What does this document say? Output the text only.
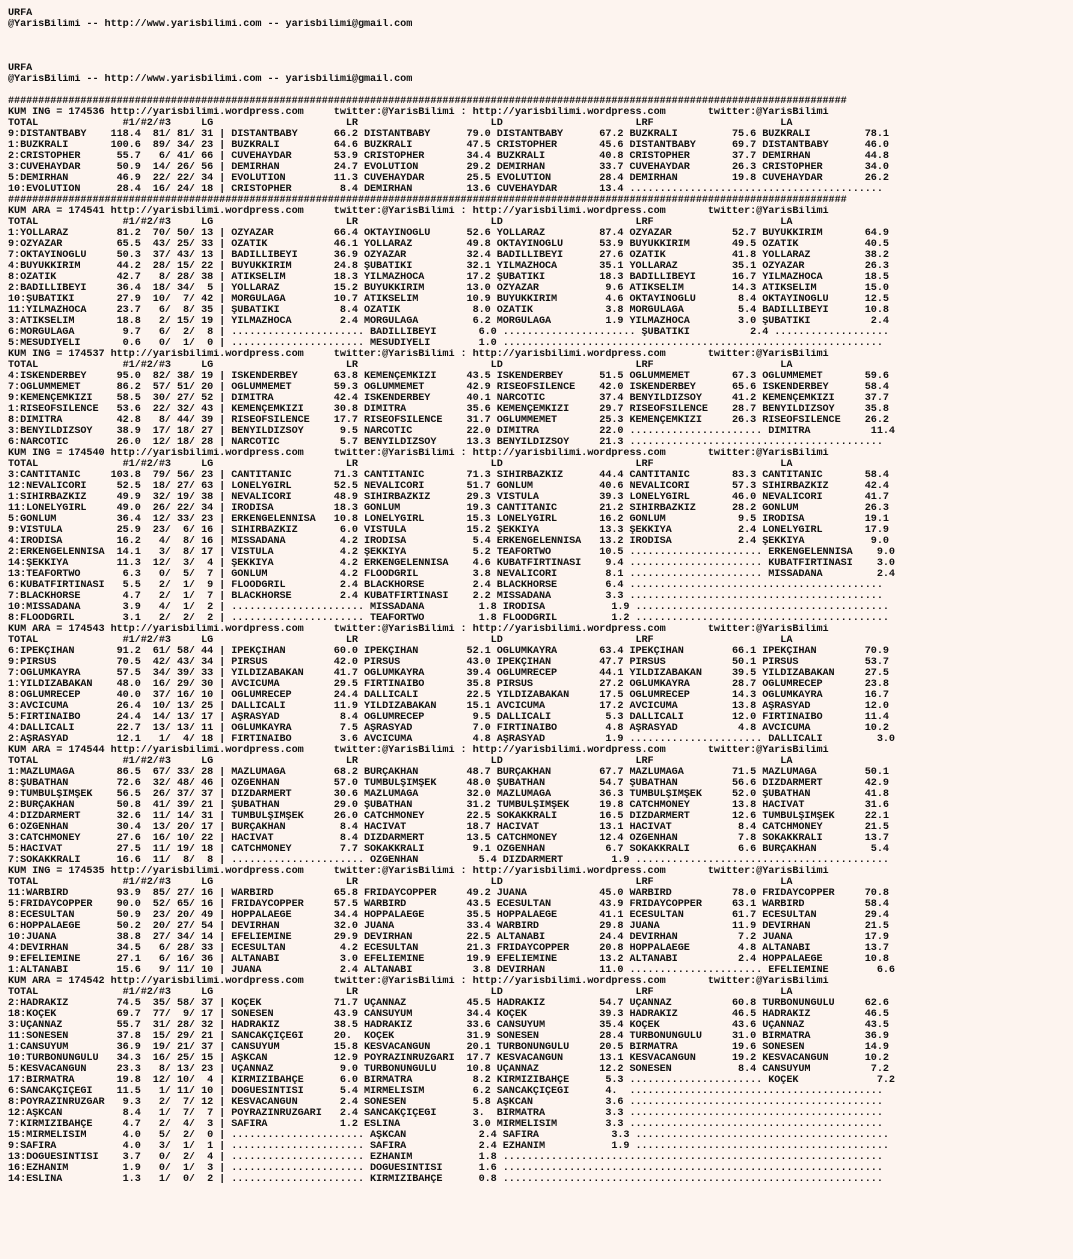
URFA
@YarisBilimi -- http://www.yarisbilimi.com -- yarisbilimi@gmail.com

URFA
@YarisBilimi -- http://www.yarisbilimi.com -- yarisbilimi@gmail.com

###########################################################################################################################################
KUM ING = 174536 http://yarisbilimi.wordpress.com     twitter:@YarisBilimi : http://yarisbilimi.wordpress.com       twitter:@YarisBilimi
TOTAL              #1/#2/#3     LG                      LR                      LD                      LRF                     LA
9:DISTANTBABY    118.4  81/ 81/ 31 | DISTANTBABY      66.2 DISTANTBABY      79.0 DISTANTBABY      67.2 BUZKRALI         75.6 BUZKRALI         78.1
1:BUZKRALI       100.6  89/ 34/ 23 | BUZKRALI         64.6 BUZKRALI         47.5 CRISTOPHER       45.6 DISTANTBABY      69.7 DISTANTBABY      46.0
2:CRISTOPHER      55.7   6/ 41/ 66 | CUVEHAYDAR       53.9 CRISTOPHER       34.4 BUZKRALI         40.8 CRISTOPHER       37.7 DEMIRHAN         44.8
3:CUVEHAYDAR      50.9  14/ 26/ 56 | DEMIRHAN         24.7 EVOLUTION        29.2 DEMIRHAN         33.7 CUVEHAYDAR       26.3 CRISTOPHER       34.0
5:DEMIRHAN        46.9  22/ 22/ 34 | EVOLUTION        11.3 CUVEHAYDAR       25.5 EVOLUTION        28.4 DEMIRHAN         19.8 CUVEHAYDAR       26.2
10:EVOLUTION      28.4  16/ 24/ 18 | CRISTOPHER        8.4 DEMIRHAN         13.6 CUVEHAYDAR       13.4 ..........................................
###########################################################################################################################################
KUM ARA = 174541 http://yarisbilimi.wordpress.com     twitter:@YarisBilimi : http://yarisbilimi.wordpress.com       twitter:@YarisBilimi
TOTAL              #1/#2/#3     LG                      LR                      LD                      LRF                     LA
1:YOLLARAZ        81.2  70/ 50/ 13 | ÖZYAZAR          66.4 OKTAYINOĞLU      52.6 YOLLARAZ         87.4 ÖZYAZAR          52.7 BÜYÜKKIRIM       64.9
9:ÖZYAZAR         65.5  43/ 25/ 33 | ÖZATİK           46.1 YOLLARAZ         49.8 OKTAYINOĞLU      53.9 BÜYÜKKIRIM       49.5 ÖZATİK           40.5
7:OKTAYINOĞLU     50.3  37/ 43/ 13 | BADİLLİBEYİ      36.9 ÖZYAZAR          32.4 BADİLLİBEYİ      27.6 ÖZATİK           41.8 YOLLARAZ         38.2
4:BÜYÜKKIRIM      44.2  28/ 15/ 22 | BÜYÜKKIRIM       24.8 ŞUBATİKİ         32.1 YILMAZHOCA       35.1 YOLLARAZ         35.1 ÖZYAZAR          26.3
8:ÖZATİK          42.7   8/ 28/ 38 | ATİKSELİM        18.3 YILMAZHOCA       17.2 ŞUBATİKİ         18.3 BADİLLİBEYİ      16.7 YILMAZHOCA       18.5
2:BADİLLİBEYİ     36.4  18/ 34/  5 | YOLLARAZ         15.2 BÜYÜKKIRIM       13.0 ÖZYAZAR           9.6 ATİKSELİM        14.3 ATİKSELİM        15.0
10:ŞUBATİKİ       27.9  10/  7/ 42 | MORGULAĞA        10.7 ATİKSELİM        10.9 BÜYÜKKIRIM        4.6 OKTAYINOĞLU       8.4 OKTAYINOĞLU      12.5
11:YILMAZHOCA     23.7   6/  8/ 35 | ŞUBATİKİ          8.4 ÖZATİK            8.0 ÖZATİK            3.8 MORGULAĞA         5.4 BADİLLİBEYİ      10.8
3:ATİKSELİM       18.8   2/ 15/ 19 | YILMAZHOCA        2.4 MORGULAĞA         6.2 MORGULAĞA         1.9 YILMAZHOCA        3.0 ŞUBATİKİ          2.4
6:MORGULAĞA        9.7   6/  2/  8 | ...................... BADİLLİBEYİ       6.0 ...................... ŞUBATİKİ          2.4 ...................
5:MESUDİYELİ       0.6   0/  1/  0 | ...................... MESUDİYELİ        1.0 ...............................................................
KUM ING = 174537 http://yarisbilimi.wordpress.com     twitter:@YarisBilimi : http://yarisbilimi.wordpress.com       twitter:@YarisBilimi
TOTAL              #1/#2/#3     LG                      LR                      LD                      LRF                     LA
4:İSKENDERBEY     95.0  82/ 38/ 19 | İSKENDERBEY      63.8 KEMENÇEMKIZI     43.5 İSKENDERBEY      51.5 OĞLUMMEMET       67.3 OĞLUMMEMET       59.6
7:OĞLUMMEMET      86.2  57/ 51/ 20 | OĞLUMMEMET       59.3 OĞLUMMEMET       42.9 RİSEOFSİLENCE    42.0 İSKENDERBEY      65.6 İSKENDERBEY      58.4
9:KEMENÇEMKIZI    58.5  30/ 27/ 52 | DİMİTRA          42.4 İSKENDERBEY      40.1 NARCOTİC         37.4 BENYILDIZSOY     41.2 KEMENÇEMKIZI     37.7
1:RİSEOFSİLENCE   53.6  22/ 32/ 43 | KEMENÇEMKIZI     30.8 DİMİTRA          35.6 KEMENÇEMKIZI     29.7 RİSEOFSİLENCE    28.7 BENYILDIZSOY     35.8
8:DİMİTRA         42.8   8/ 44/ 39 | RİSEOFSİLENCE    17.7 RİSEOFSİLENCE    31.7 OĞLUMMEMET       25.3 KEMENÇEMKIZI     26.3 RİSEOFSİLENCE    26.2
3:BENYILDIZSOY    38.9  17/ 18/ 27 | BENYILDIZSOY      9.5 NARCOTİC         22.0 DİMİTRA          22.0 ...................... DİMİTRA          11.4
6:NARCOTİC        26.0  12/ 18/ 28 | NARCOTİC          5.7 BENYILDIZSOY     13.3 BENYILDIZSOY     21.3 ..........................................
KUM ING = 174540 http://yarisbilimi.wordpress.com     twitter:@YarisBilimi : http://yarisbilimi.wordpress.com       twitter:@YarisBilimi
TOTAL              #1/#2/#3     LG                      LR                      LD                      LRF                     LA
3:CANTİTANİC     103.8  79/ 56/ 23 | CANTİTANİC       71.3 CANTİTANİC       71.3 SİHİRBAZKIZ      44.4 CANTİTANİC       83.3 CANTİTANİC       58.4
12:NEVALİCORİ     52.5  18/ 27/ 63 | LONELYGIRL       52.5 NEVALİCORİ       51.7 GÖNLÜM           40.6 NEVALİCORİ       57.3 SİHİRBAZKIZ      42.4
1:SİHİRBAZKIZ     49.9  32/ 19/ 38 | NEVALİCORİ       48.9 SİHİRBAZKIZ      29.3 VİSTULA          39.3 LONELYGIRL       46.0 NEVALİCORİ       41.7
11:LONELYGIRL     49.0  26/ 22/ 34 | İRODİSA          18.3 GÖNLÜM           19.3 CANTİTANİC       21.2 SİHİRBAZKIZ      28.2 GÖNLÜM           26.3
5:GÖNLÜM          36.4  12/ 33/ 23 | ERKENGELENNİSA   10.8 LONELYGIRL       15.3 LONELYGIRL       16.2 GÖNLÜM            9.5 İRODİSA          19.1
9:VİSTULA         25.9  23/  6/ 16 | SİHİRBAZKIZ       6.0 VİSTULA          15.2 ŞEKKİYA          13.3 ŞEKKİYA           2.4 LONELYGIRL       17.9
4:İRODİSA         16.2   4/  8/ 16 | MİSSADANA         4.2 İRODİSA           5.4 ERKENGELENNİSA   13.2 İRODİSA           2.4 ŞEKKİYA           9.0
2:ERKENGELENNİSA  14.1   3/  8/ 17 | VİSTULA           4.2 ŞEKKİYA           5.2 TEAFORTWO        10.5 ...................... ERKENGELENNİSA    9.0
14:ŞEKKİYA        11.3  12/  3/  4 | ŞEKKİYA           4.2 ERKENGELENNİSA    4.6 KUBATFIRTINASI    9.4 ...................... KUBATFIRTINASI    3.0
13:TEAFORTWO       6.3   0/  5/  7 | GÖNLÜM            4.2 FLOODGRIL         3.8 NEVALİCORİ        8.1 ...................... MİSSADANA         2.4
6:KUBATFIRTINASI   5.5   2/  1/  9 | FLOODGRIL         2.4 BLACKHORSE        2.4 BLACKHORSE        6.4 ..........................................
7:BLACKHORSE       4.7   2/  1/  7 | BLACKHORSE        2.4 KUBATFIRTINASI    2.2 MİSSADANA         3.3 ..........................................
10:MİSSADANA       3.9   4/  1/  2 | ...................... MİSSADANA         1.8 İRODİSA           1.9 ..........................................
8:FLOODGRIL        3.1   2/  2/  2 | ...................... TEAFORTWO         1.8 FLOODGRIL         1.2 ..........................................
KUM ARA = 174543 http://yarisbilimi.wordpress.com     twitter:@YarisBilimi : http://yarisbilimi.wordpress.com       twitter:@YarisBilimi
TOTAL              #1/#2/#3     LG                      LR                      LD                      LRF                     LA
6:İPEKÇİHAN       91.2  61/ 58/ 44 | İPEKÇİHAN        60.0 İPEKÇİHAN        52.1 OĞLUMKAYRA       63.4 İPEKÇİHAN        66.1 İPEKÇİHAN        70.9
9:PİRSUS          70.5  42/ 43/ 34 | PİRSUS           42.0 PİRSUS           43.0 İPEKÇİHAN        47.7 PİRSUS           50.1 PİRSUS           53.7
7:OĞLUMKAYRA      57.5  34/ 39/ 33 | YILDIZABAKAN     41.7 OĞLUMKAYRA       39.4 OĞLUMRECEP       44.1 YILDIZABAKAN     39.5 YILDIZABAKAN     27.5
1:YILDIZABAKAN    48.0  16/ 29/ 30 | AVCICUMA         29.5 FIRTINAİBO       35.8 PİRSUS           27.2 OĞLUMKAYRA       28.7 OĞLUMRECEP       23.8
8:OĞLUMRECEP      40.0  37/ 16/ 10 | OĞLUMRECEP       24.4 DALLICALI        22.5 YILDIZABAKAN     17.5 OĞLUMRECEP       14.3 OĞLUMKAYRA       16.7
3:AVCICUMA        26.4  10/ 13/ 25 | DALLICALI        11.9 YILDIZABAKAN     15.1 AVCICUMA         17.2 AVCICUMA         13.8 AŞRASYAD         12.0
5:FIRTINAİBO      24.4  14/ 13/ 17 | AŞRASYAD          8.4 OĞLUMRECEP        9.5 DALLICALI         5.3 DALLICALI        12.0 FIRTINAİBO       11.4
4:DALLICALI       22.7  13/ 13/ 11 | OĞLUMKAYRA        7.5 AŞRASYAD          7.0 FIRTINAİBO        4.8 AŞRASYAD          4.8 AVCICUMA         10.2
2:AŞRASYAD        12.1   1/  4/ 18 | FIRTINAİBO        3.6 AVCICUMA          4.8 AŞRASYAD          1.9 ...................... DALLICALI         3.0
KUM ARA = 174544 http://yarisbilimi.wordpress.com     twitter:@YarisBilimi : http://yarisbilimi.wordpress.com       twitter:@YarisBilimi
TOTAL              #1/#2/#3     LG                      LR                      LD                      LRF                     LA
1:MAZLUMAĞA       86.5  67/ 33/ 28 | MAZLUMAĞA        68.2 BURÇAKHAN        48.7 BURÇAKHAN        67.7 MAZLUMAĞA        71.5 MAZLUMAĞA        50.1
8:ŞUBATHAN        72.6  32/ 48/ 46 | ÖZGENHAN         57.0 TUMBULŞİMŞEK     48.0 ŞUBATHAN         54.7 ŞUBATHAN         56.6 DİZDARMERT       42.9
9:TUMBULŞİMŞEK    56.5  26/ 37/ 37 | DİZDARMERT       30.6 MAZLUMAĞA        32.0 MAZLUMAĞA        36.3 TUMBULŞİMŞEK     52.0 ŞUBATHAN         41.8
2:BURÇAKHAN       50.8  41/ 39/ 21 | ŞUBATHAN         29.0 ŞUBATHAN         31.2 TUMBULŞİMŞEK     19.8 CATCHMONEY       13.8 HACIVAT          31.6
4:DİZDARMERT      32.6  11/ 14/ 31 | TUMBULŞİMŞEK     26.0 CATCHMONEY       22.5 SOKAKKRALİ       16.5 DİZDARMERT       12.6 TUMBULŞİMŞEK     22.1
6:ÖZGENHAN        30.4  13/ 20/ 17 | BURÇAKHAN         8.4 HACIVAT          18.7 HACIVAT          13.1 HACIVAT           8.4 CATCHMONEY       21.5
3:CATCHMONEY      27.6  16/ 10/ 22 | HACIVAT           8.4 DİZDARMERT       13.5 CATCHMONEY       12.4 ÖZGENHAN          7.8 SOKAKKRALİ       13.7
5:HACIVAT         27.5  11/ 19/ 18 | CATCHMONEY        7.7 SOKAKKRALİ        9.1 ÖZGENHAN          6.7 SOKAKKRALİ        6.6 BURÇAKHAN         5.4
7:SOKAKKRALİ      16.6  11/  8/  8 | ...................... ÖZGENHAN          5.4 DİZDARMERT        1.9 ..........................................
KUM ING = 174535 http://yarisbilimi.wordpress.com     twitter:@YarisBilimi : http://yarisbilimi.wordpress.com       twitter:@YarisBilimi
TOTAL              #1/#2/#3     LG                      LR                      LD                      LRF                     LA
11:WARBIRD        93.9  85/ 27/ 16 | WARBIRD          65.8 FRIDAYCOPPER     49.2 JUANA            45.0 WARBIRD          78.0 FRIDAYCOPPER     70.8
5:FRIDAYCOPPER    90.0  52/ 65/ 16 | FRIDAYCOPPER     57.5 WARBIRD          43.5 ECESULTAN        43.9 FRIDAYCOPPER     63.1 WARBIRD          58.4
8:ECESULTAN       50.9  23/ 20/ 49 | HOPPALAEGE       34.4 HOPPALAEGE       35.5 HOPPALAEGE       41.1 ECESULTAN        61.7 ECESULTAN        29.4
6:HOPPALAEGE      50.2  20/ 27/ 54 | DEVİRHAN         32.0 JUANA            33.4 WARBIRD          29.8 JUANA            11.9 DEVİRHAN         21.5
10:JUANA          38.8  27/ 34/ 14 | EFELİEMİNE       29.9 DEVİRHAN         22.5 ALTANABİ         24.4 DEVİRHAN          7.2 JUANA            17.9
4:DEVİRHAN        34.5   6/ 28/ 33 | ECESULTAN         4.2 ECESULTAN        21.3 FRIDAYCOPPER     20.8 HOPPALAEGE        4.8 ALTANABİ         13.7
9:EFELİEMİNE      27.1   6/ 16/ 36 | ALTANABİ          3.0 EFELİEMİNE       19.9 EFELİEMİNE       13.2 ALTANABİ          2.4 HOPPALAEGE       10.8
1:ALTANABİ        15.6   9/ 11/ 10 | JUANA             2.4 ALTANABİ          3.8 DEVİRHAN         11.0 ...................... EFELİEMİNE        6.6
KUM ARA = 174542 http://yarisbilimi.wordpress.com     twitter:@YarisBilimi : http://yarisbilimi.wordpress.com       twitter:@YarisBilimi
TOTAL              #1/#2/#3     LG                      LR                      LD                      LRF                     LA
2:HADRAKIZ        74.5  35/ 58/ 37 | KOÇEK            71.7 UÇANNAZ          45.5 HADRAKIZ         54.7 UÇANNAZ          60.8 TURBONUNGÜLÜ     62.6
18:KOÇEK          69.7  77/  9/ 17 | SONESEN          43.9 CANSUYUM         34.4 KOÇEK            39.3 HADRAKIZ         46.5 HADRAKIZ         46.5
3:UÇANNAZ         55.7  31/ 28/ 32 | HADRAKIZ         38.5 HADRAKIZ         33.6 CANSUYUM         35.4 KOÇEK            43.6 UÇANNAZ          43.5
11:SONESEN        37.8  15/ 29/ 21 | SANCAKÇİÇEĞİ     20.  KOÇEK            31.9 SONESEN          28.4 TURBONUNGÜLÜ     31.0 BİRMATRA         36.9
1:CANSUYUM        36.9  19/ 21/ 37 | CANSUYUM         15.8 KESVACANGÜN      20.1 TURBONUNGÜLÜ     20.5 BİRMATRA         19.6 SONESEN          14.9
10:TURBONUNGÜLÜ   34.3  16/ 25/ 15 | AŞKCAN           12.9 POYRAZINRÜZGARI  17.7 KESVACANGÜN      13.1 KESVACANGÜN      19.2 KESVACANGÜN      10.2
5:KESVACANGÜN     23.3   8/ 13/ 23 | UÇANNAZ           9.0 TURBONUNGÜLÜ     10.8 UÇANNAZ          12.2 SONESEN           8.4 CANSUYUM          7.2
17:BİRMATRA       19.8  12/ 10/  4 | KIRMIZIBAHÇE      6.0 BİRMATRA          8.2 KIRMIZIBAHÇE      5.3 ...................... KOÇEK             7.2
6:SANCAKÇİÇEĞİ    11.5   1/ 11/ 10 | DOĞUESİNTİSİ      5.4 MİRMELİSİM        6.2 SANCAKÇİÇEĞİ      4.  ..........................................
8:POYRAZINRÜZGAR   9.3   2/  7/ 12 | KESVACANGÜN       2.4 SONESEN           5.8 AŞKCAN            3.6 ..........................................
12:AŞKCAN          8.4   1/  7/  7 | POYRAZINRÜZGARI   2.4 SANCAKÇİÇEĞİ      3.  BİRMATRA          3.3 ..........................................
7:KIRMIZIBAHÇE     4.7   2/  4/  3 | SAFİRA            1.2 ESLİNA            3.0 MİRMELİSİM        3.3 ..........................................
15:MİRMELİSİM      4.0   5/  2/  0 | ...................... AŞKCAN            2.4 SAFİRA            3.3 ..........................................
9:SAFİRA           4.0   3/  1/  1 | ...................... SAFİRA            2.4 EZHANIM           1.9 ..........................................
13:DOĞUESİNTİSİ    3.7   0/  2/  4 | ...................... EZHANIM           1.8 ...............................................................
16:EZHANIM         1.9   0/  1/  3 | ...................... DOĞUESİNTİSİ      1.6 ...............................................................
14:ESLİNA          1.3   1/  0/  2 | ...................... KIRMIZIBAHÇE      0.8 ...............................................................
